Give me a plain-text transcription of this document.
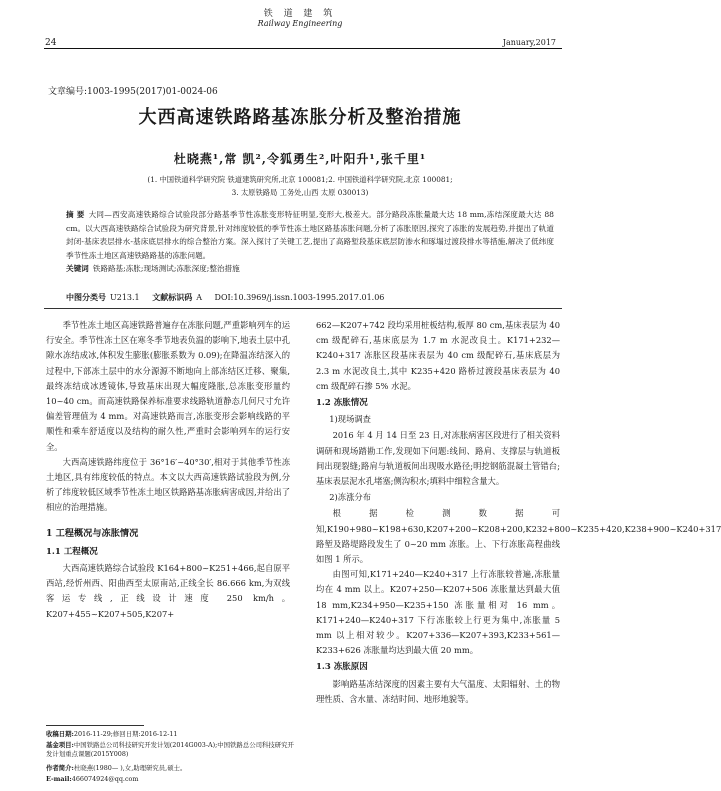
铁 道 建 筑
Railway Engineering
24	January,2017
文章编号:1003-1995(2017)01-0024-06
大西高速铁路路基冻胀分析及整治措施
杜晓燕¹,常 凯²,令狐勇生²,叶阳升¹,张千里¹
(1. 中国铁道科学研究院 铁道建筑研究所,北京 100081;2. 中国铁道科学研究院,北京 100081;
3. 太原铁路局 工务处,山西 太原 030013)
摘 要 大同—西安高速铁路综合试验段部分路基季节性冻胀变形特征明显,变形大,极差大。部分路段冻胀量最大达 18 mm,冻结深度最大达 88 cm。以大西高速铁路综合试验段为研究背景,针对纬度较低的季节性冻土地区路基冻胀问题,分析了冻胀原因,探究了冻胀的发展趋势,并提出了轨道封闭-基床表层排水-基床底层排水的综合整治方案。深入探讨了关键工艺,提出了高路堑段基床底层防渗水和琢塌过渡段排水等措施,解决了低纬度季节性冻土地区高速铁路路基的冻胀问题。
关键词 铁路路基;冻胀;现场测试;冻胀深度;整治措施
中图分类号 U213.1 文献标识码 A DOI:10.3969/j.issn.1003-1995.2017.01.06

季节性冻土地区高速铁路普遍存在冻胀问题,严重影响列车的运行安全。季节性冻土区在寒冬季节地表负温的影响下,地表土层中孔隙水冻结成冰,体积发生膨胀(膨胀系数为 0.09);在降温冻结深入的过程中,下部冻土层中的水分源源不断地向上部冻结区迁移、聚集,最终冻结成冰透镜体,导致基床出现大幅度隆胀,总冻胀变形量约 10~40 cm。而高速铁路保养标准要求线路轨道静态几何尺寸允许偏差管理值为 4 mm。对高速铁路而言,冻胀变形会影响线路的平顺性和乘车舒适度以及结构的耐久性,严重时会影响列车的运行安全。

大西高速铁路纬度位于 36°16′~40°30′,相对于其他季节性冻土地区,具有纬度较低的特点。本文以大西高速铁路试验段为例,分析了纬度较低区域季节性冻土地区铁路路基冻胀病害成因,并给出了相应的治理措施。

1 工程概况与冻胀情况
1.1 工程概况

大西高速铁路综合试验段 K164+800~K251+466,起自原平西站,经忻州西、阳曲西至太原南站,正线全长 86.666 km,为双线客运专线,正线设计速度 250 km/h。K207+455~K207+505,K207+

662—K207+742 段均采用桩板结构,板厚 80 cm,基床表层为 40 cm 级配碎石,基床底层为 1.7 m 水泥改良土。K171+232—K240+317 冻胀区段基床表层为 40 cm 级配碎石,基床底层为 2.3 m 水泥改良土,其中 K235+420 路桥过渡段基床表层为 40 cm 级配碎石掺 5% 水泥。

1.2 冻胀情况
1)现场调查

2016 年 4 月 14 日至 23 日,对冻胀病害区段进行了相关资料调研和现场踏勘工作,发现如下问题:线间、路肩、支撑层与轨道板间出现裂缝;路肩与轨道板间出现吸水路径;明挖钢筋混凝土管错台;基床表层泥水孔堵塞;侧沟积水;填料中细粒含量大。

2)冻涨分布

根据检测数据可知,K190+980~K198+630,K207+200~K208+200,K232+800~K235+420,K238+900~K240+317 路堑及路堤路段发生了 0~20 mm 冻胀。上、下行冻胀高程曲线如图 1 所示。

由图可知,K171+240—K240+317 上行冻胀较普遍,冻胀量均在 4 mm 以上。K207+250—K207+506 冻胀量达到最大值 18 mm,K234+950—K235+150 冻胀量相对 16 mm。K171+240—K240+317 下行冻胀较上行更为集中,冻胀量 5 mm 以上相对较少。K207+336—K207+393,K233+561—K233+626 冻胀量均达到最大值 20 mm。

1.3 冻胀原因

影响路基冻结深度的因素主要有大气温度、太阳辐射、土的物理性质、含水量、冻结时间、地形地貌等。

收稿日期:2016-11-29;修回日期:2016-12-11
基金项目:中国铁路总公司科技研究开发计划(2014G003-A);中国铁路总公司科技研究开发计划重点课题(2015Y008)
作者简介:杜晓燕(1980— ),女,助理研究员,硕士。
E-mail:466074924@qq.com
